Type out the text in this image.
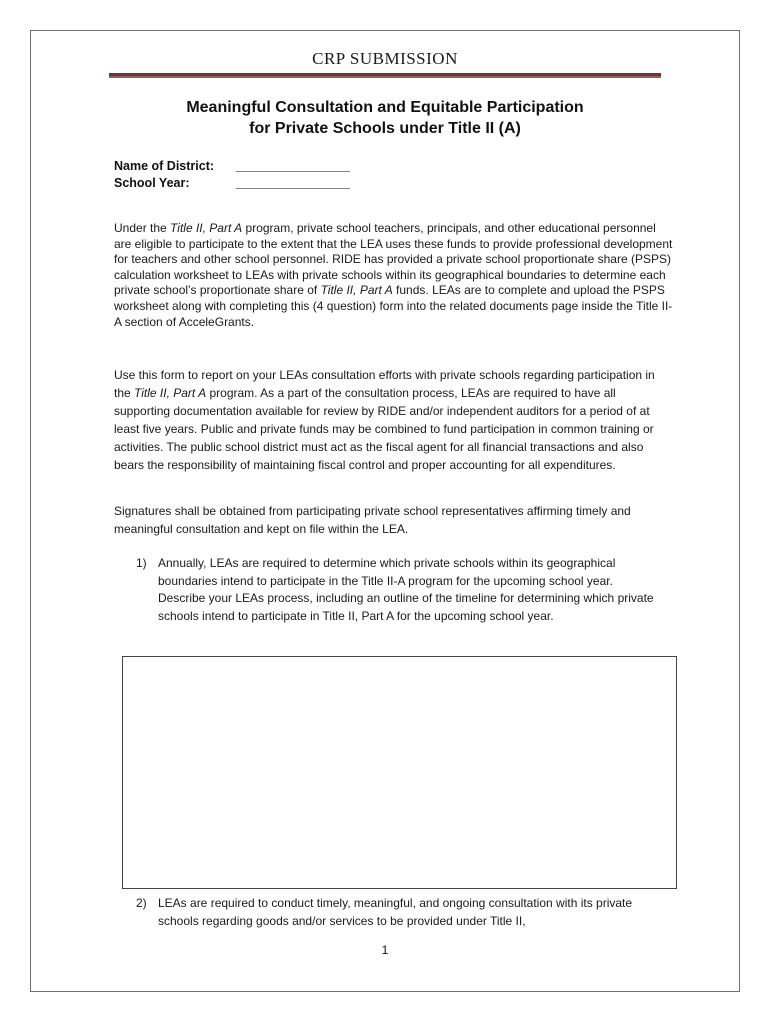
CRP SUBMISSION
Meaningful Consultation and Equitable Participation
for Private Schools under Title II (A)
Name of District:	___________________
School Year:	___________________
Under the Title II, Part A program, private school teachers, principals, and other educational personnel are eligible to participate to the extent that the LEA uses these funds to provide professional development for teachers and other school personnel. RIDE has provided a private school proportionate share (PSPS) calculation worksheet to LEAs with private schools within its geographical boundaries to determine each private school’s proportionate share of Title II, Part A funds. LEAs are to complete and upload the PSPS worksheet along with completing this (4 question) form into the related documents page inside the Title II-A section of AcceleGrants.
Use this form to report on your LEAs consultation efforts with private schools regarding participation in the Title II, Part A program. As a part of the consultation process, LEAs are required to have all supporting documentation available for review by RIDE and/or independent auditors for a period of at least five years. Public and private funds may be combined to fund participation in common training or activities. The public school district must act as the fiscal agent for all financial transactions and also bears the responsibility of maintaining fiscal control and proper accounting for all expenditures.
Signatures shall be obtained from participating private school representatives affirming timely and meaningful consultation and kept on file within the LEA.
1) Annually, LEAs are required to determine which private schools within its geographical boundaries intend to participate in the Title II-A program for the upcoming school year. Describe your LEAs process, including an outline of the timeline for determining which private schools intend to participate in Title II, Part A for the upcoming school year.
2) LEAs are required to conduct timely, meaningful, and ongoing consultation with its private schools regarding goods and/or services to be provided under Title II,
1
